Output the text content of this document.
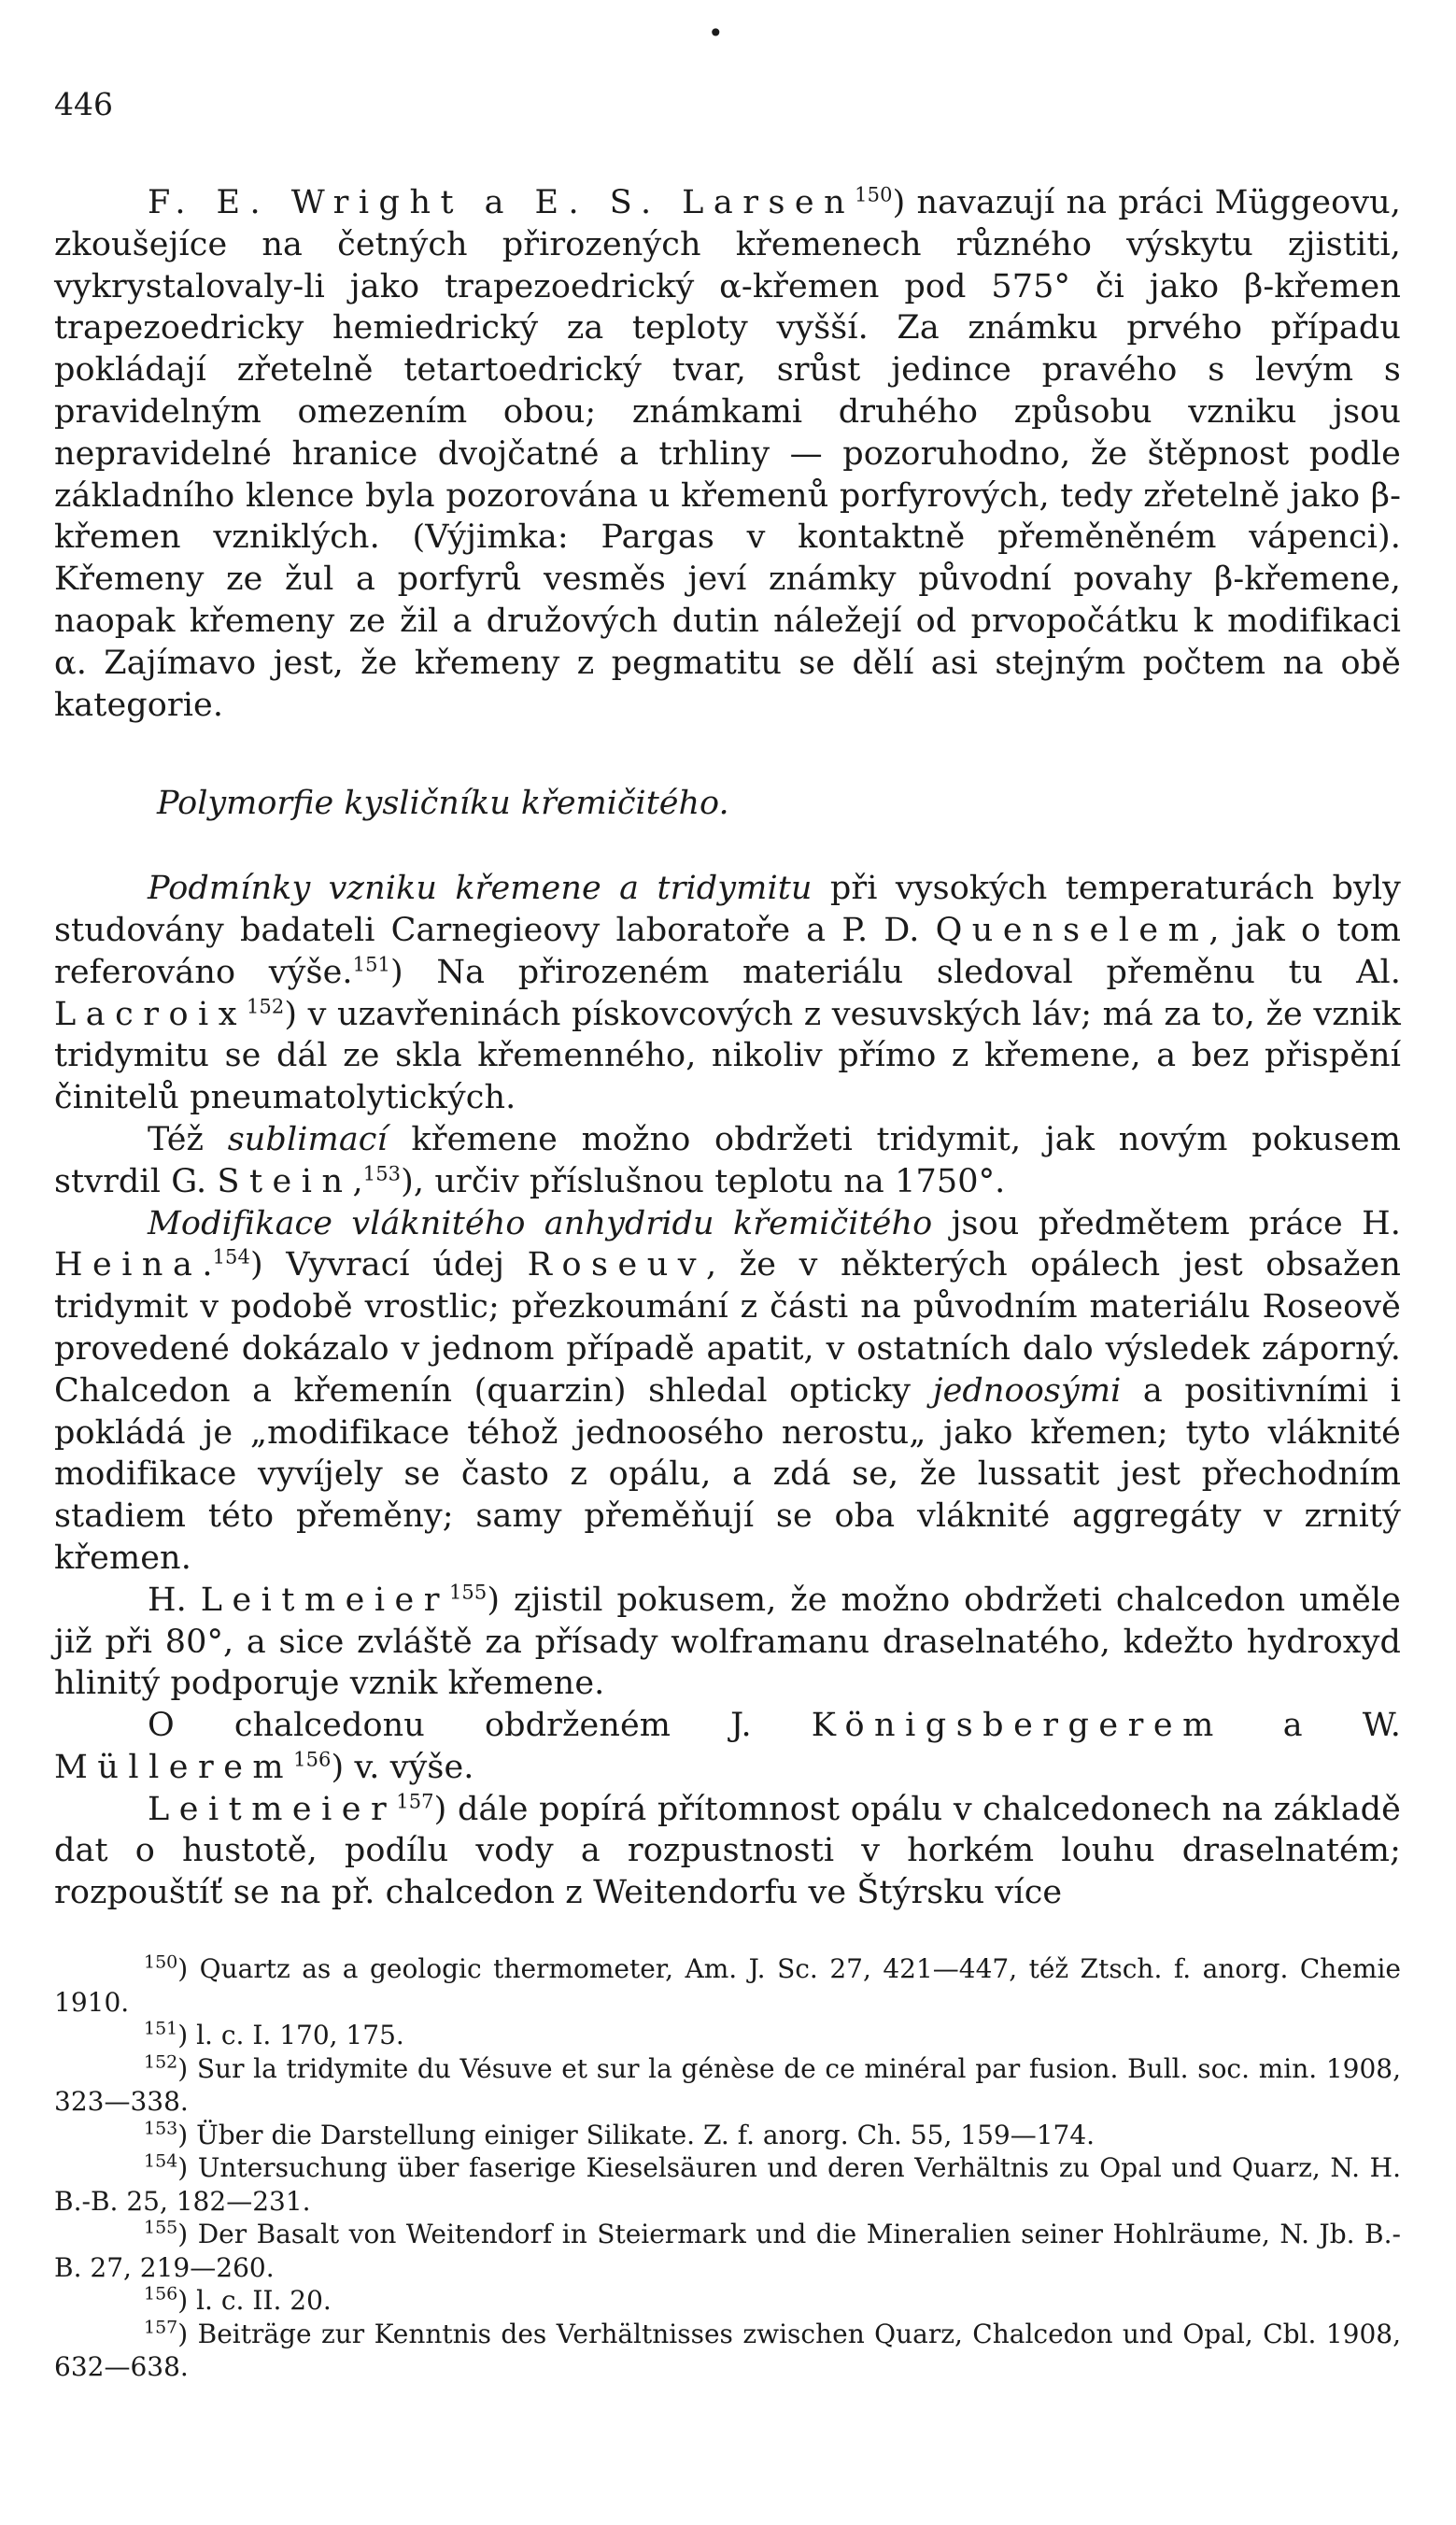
•
446

F. E. Wright a E. S. Larsen$^{150}$) navazují na práci Müggeovu, zkoušejíce na četných přirozených křemenech různého výskytu zjistiti, vykrystalovaly-li jako trapezoedrický α-křemen pod 575° či jako β-křemen trapezoedricky hemiedrický za teploty vyšší. Za známku prvého případu pokládají zřetelně tetartoedrický tvar, srůst jedince pravého s levým s pravidelným omezením obou; známkami druhého způsobu vzniku jsou nepravidelné hranice dvojčatné a trhliny — pozoruhodno, že štěpnost podle základního klence byla pozorována u křemenů porfyrových, tedy zřetelně jako β-křemen vzniklých. (Výjimka: Pargas v kontaktně přeměněném vápenci). Křemeny ze žul a porfyrů vesměs jeví známky původní povahy β-křemene, naopak křemeny ze žil a družových dutin náležejí od prvopočátku k modifikaci α. Zajímavo jest, že křemeny z pegmatitu se dělí asi stejným počtem na obě kategorie.

Polymorfie kysličníku křemičitého.

Podmínky vzniku křemene a tridymitu při vysokých temperaturách byly studovány badateli Carnegieovy laboratoře a P. D. Quenselem, jak o tom referováno výše.$^{151}$) Na přirozeném materiálu sledoval přeměnu tu Al. Lacroix$^{152}$) v uzavřeninách pískovcových z vesuvských láv; má za to, že vznik tridymitu se dál ze skla křemenného, nikoliv přímo z křemene, a bez přispění činitelů pneumatolytických.

Též sublimací křemene možno obdržeti tridymit, jak novým pokusem stvrdil G. Stein,$^{153}$), určiv příslušnou teplotu na 1750°.

Modifikace vláknitého anhydridu křemičitého jsou předmětem práce H. Heina.$^{154}$) Vyvrací údej Roseuv, že v některých opálech jest obsažen tridymit v podobě vrostlic; přezkoumání z části na původním materiálu Roseově provedené dokázalo v jednom případě apatit, v ostatních dalo výsledek záporný. Chalcedon a křemenín (quarzin) shledal opticky jednoosými a positivními i pokládá je „modifikace téhož jednoosého nerostu„ jako křemen; tyto vláknité modifikace vyvíjely se často z opálu, a zdá se, že lussatit jest přechodním stadiem této přeměny; samy přeměňují se oba vláknité aggregáty v zrnitý křemen.

H. Leitmeier$^{155}$) zjistil pokusem, že možno obdržeti chalcedon uměle již při 80°, a sice zvláště za přísady wolframanu draselnatého, kdežto hydroxyd hlinitý podporuje vznik křemene.

O chalcedonu obdrženém J. Königsbergerem a W. Müllerem$^{156}$) v. výše.

Leitmeier$^{157}$) dále popírá přítomnost opálu v chalcedonech na základě dat o hustotě, podílu vody a rozpustnosti v horkém louhu draselnatém; rozpouštíť se na př. chalcedon z Weitendorfu ve Štýrsku více

$^{150}$) Quartz as a geologic thermometer, Am. J. Sc. 27, 421—447, též Ztsch. f. anorg. Chemie 1910.

$^{151}$) l. c. I. 170, 175.

$^{152}$) Sur la tridymite du Vésuve et sur la génèse de ce minéral par fusion. Bull. soc. min. 1908, 323—338.

$^{153}$) Über die Darstellung einiger Silikate. Z. f. anorg. Ch. 55, 159—174.

$^{154}$) Untersuchung über faserige Kieselsäuren und deren Verhältnis zu Opal und Quarz, N. H. B.-B. 25, 182—231.

$^{155}$) Der Basalt von Weitendorf in Steiermark und die Mineralien seiner Hohlräume, N. Jb. B.-B. 27, 219—260.

$^{156}$) l. c. II. 20.

$^{157}$) Beiträge zur Kenntnis des Verhältnisses zwischen Quarz, Chalcedon und Opal, Cbl. 1908, 632—638.
